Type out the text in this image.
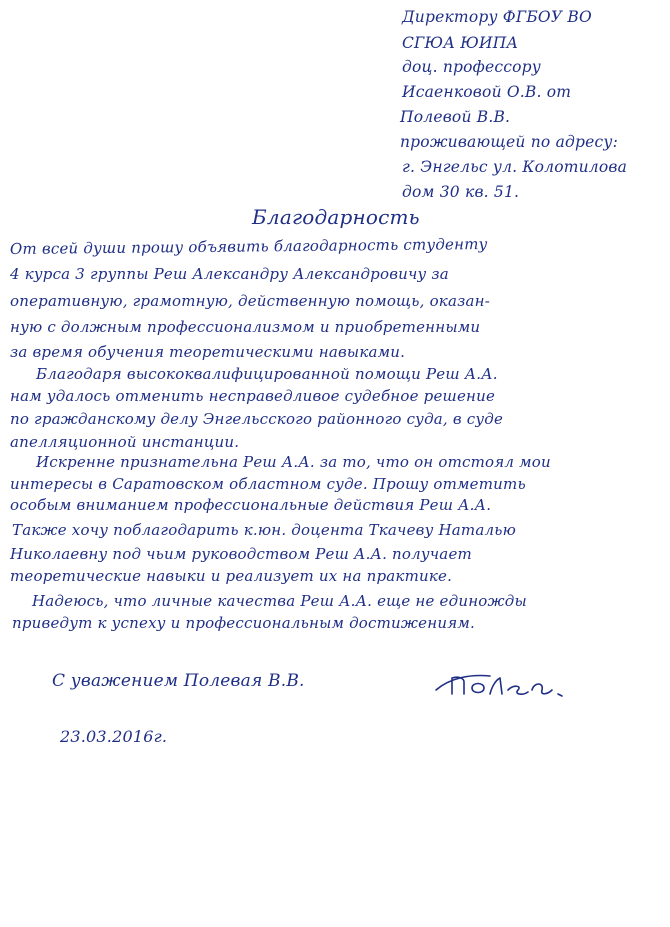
Директору ФГБОУ ВО
СГЮА ЮИПА
доц. профессору
Исаенковой О.В. от
Полевой В.В.
проживающей по адресу:
г. Энгельс ул. Колотилова
дом 30 кв. 51.
Благодарность
От всей души прошу объявить благодарность студенту
4 курса 3 группы Реш Александру Александровичу за
оперативную, грамотную, действенную помощь, оказан-
ную с должным профессионализмом и приобретенными
за время обучения теоретическими навыками.
Благодаря высококвалифицированной помощи Реш А.А.
нам удалось отменить несправедливое судебное решение
по гражданскому делу Энгельсского районного суда, в суде
апелляционной инстанции.
Искренне признательна Реш А.А. за то, что он отстоял мои
интересы в Саратовском областном суде. Прошу отметить
особым вниманием профессиональные действия Реш А.А.
Также хочу поблагодарить к.юн. доцента Ткачеву Наталью
Николаевну под чьим руководством Реш А.А. получает
теоретические навыки и реализует их на практике.
Надеюсь, что личные качества Реш А.А. еще не единожды
приведут к успеху и профессиональным достижениям.
С уважением Полевая В.В.
23.03.2016г.
